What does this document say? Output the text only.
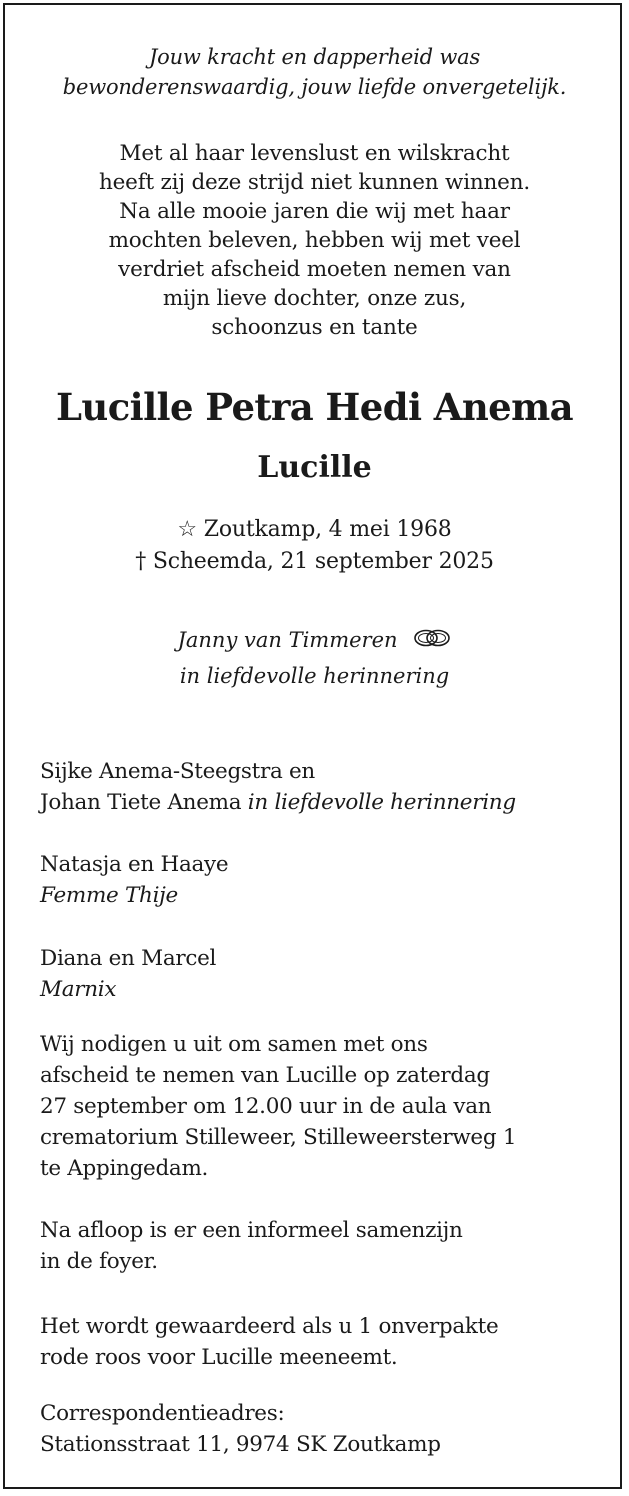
Jouw kracht en dapperheid was
bewonderenswaardig, jouw liefde onvergetelijk.
Met al haar levenslust en wilskracht
heeft zij deze strijd niet kunnen winnen.
Na alle mooie jaren die wij met haar
mochten beleven, hebben wij met veel
verdriet afscheid moeten nemen van
mijn lieve dochter, onze zus,
schoonzus en tante
Lucille Petra Hedi Anema
Lucille
☆ Zoutkamp, 4 mei 1968
† Scheemda, 21 september 2025
Janny van Timmeren
in liefdevolle herinnering
Sijke Anema-Steegstra en
Johan Tiete Anema in liefdevolle herinnering
Natasja en Haaye
Femme Thije
Diana en Marcel
Marnix
Wij nodigen u uit om samen met ons
afscheid te nemen van Lucille op zaterdag
27 september om 12.00 uur in de aula van
crematorium Stilleweer, Stilleweersterweg 1
te Appingedam.
Na afloop is er een informeel samenzijn
in de foyer.
Het wordt gewaardeerd als u 1 onverpakte
rode roos voor Lucille meeneemt.
Correspondentieadres:
Stationsstraat 11, 9974 SK Zoutkamp
